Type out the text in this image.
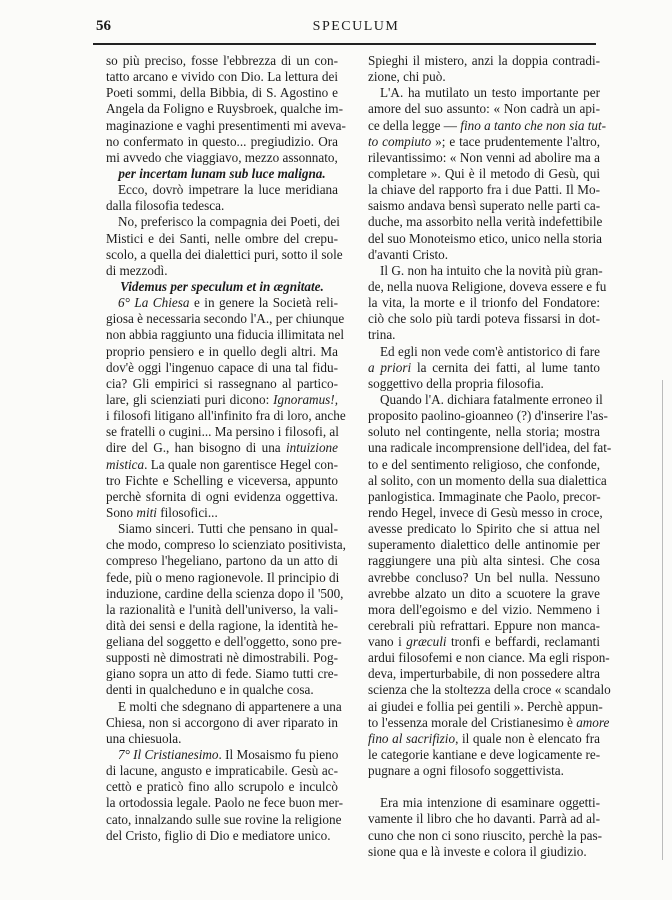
56	SPECULUM
so più preciso, fosse l'ebbrezza di un con-
tatto arcano e vivido con Dio. La lettura dei
Poeti sommi, della Bibbia, di S. Agostino e
Angela da Foligno e Ruysbroek, qualche im-
maginazione e vaghi presentimenti mi aveva-
no confermato in questo... pregiudizio. Ora
mi avvedo che viaggiavo, mezzo assonnato,
per incertam lunam sub luce maligna.
Ecco, dovrò impetrare la luce meridiana
dalla filosofia tedesca.
No, preferisco la compagnia dei Poeti, dei
Mistici e dei Santi, nelle ombre del crepu-
scolo, a quella dei dialettici puri, sotto il sole
di mezzodì.
Videmus per speculum et in ægnitate.
6° La Chiesa e in genere la Società reli-
giosa è necessaria secondo l'A., per chiunque
non abbia raggiunto una fiducia illimitata nel
proprio pensiero e in quello degli altri. Ma
dov'è oggi l'ingenuo capace di una tal fidu-
cia? Gli empirici si rassegnano al partico-
lare, gli scienziati puri dicono: Ignoramus!,
i filosofi litigano all'infinito fra di loro, anche
se fratelli o cugini... Ma persino i filosofi, al
dire del G., han bisogno di una intuizione
mistica. La quale non garentisce Hegel con-
tro Fichte e Schelling e viceversa, appunto
perchè sfornita di ogni evidenza oggettiva.
Sono miti filosofici...
Siamo sinceri. Tutti che pensano in qual-
che modo, compreso lo scienziato positivista,
compreso l'hegeliano, partono da un atto di
fede, più o meno ragionevole. Il principio di
induzione, cardine della scienza dopo il '500,
la razionalità e l'unità dell'universo, la vali-
dità dei sensi e della ragione, la identità he-
geliana del soggetto e dell'oggetto, sono pre-
supposti nè dimostrati nè dimostrabili. Pog-
giano sopra un atto di fede. Siamo tutti cre-
denti in qualcheduno e in qualche cosa.
E molti che sdegnano di appartenere a una
Chiesa, non si accorgono di aver riparato in
una chiesuola.
7° Il Cristianesimo. Il Mosaismo fu pieno
di lacune, angusto e impraticabile. Gesù ac-
cettò e praticò fino allo scrupolo e inculcò
la ortodossia legale. Paolo ne fece buon mer-
cato, innalzando sulle sue rovine la religione
del Cristo, figlio di Dio e mediatore unico.
Spieghi il mistero, anzi la doppia contradi-
zione, chi può.
L'A. ha mutilato un testo importante per
amore del suo assunto: « Non cadrà un api-
ce della legge — fino a tanto che non sia tut-
to compiuto »; e tace prudentemente l'altro,
rilevantissimo: « Non venni ad abolire ma a
completare ». Qui è il metodo di Gesù, qui
la chiave del rapporto fra i due Patti. Il Mo-
saismo andava bensì superato nelle parti ca-
duche, ma assorbito nella verità indefettibile
del suo Monoteismo etico, unico nella storia
d'avanti Cristo.
Il G. non ha intuito che la novità più gran-
de, nella nuova Religione, doveva essere e fu
la vita, la morte e il trionfo del Fondatore:
ciò che solo più tardi poteva fissarsi in dot-
trina.
Ed egli non vede com'è antistorico di fare
a priori la cernita dei fatti, al lume tanto
soggettivo della propria filosofia.
Quando l'A. dichiara fatalmente erroneo il
proposito paolino-gioanneo (?) d'inserire l'as-
soluto nel contingente, nella storia; mostra
una radicale incomprensione dell'idea, del fat-
to e del sentimento religioso, che confonde,
al solito, con un momento della sua dialettica
panlogistica. Immaginate che Paolo, precor-
rendo Hegel, invece di Gesù messo in croce,
avesse predicato lo Spirito che si attua nel
superamento dialettico delle antinomie per
raggiungere una più alta sintesi. Che cosa
avrebbe concluso? Un bel nulla. Nessuno
avrebbe alzato un dito a scuotere la grave
mora dell'egoismo e del vizio. Nemmeno i
cerebrali più refrattari. Eppure non manca-
vano i græculi tronfi e beffardi, reclamanti
ardui filosofemi e non ciance. Ma egli rispon-
deva, imperturbabile, di non possedere altra
scienza che la stoltezza della croce « scandalo
ai giudei e follia pei gentili ». Perchè appun-
to l'essenza morale del Cristianesimo è amore
fino al sacrifizio, il quale non è elencato fra
le categorie kantiane e deve logicamente re-
pugnare a ogni filosofo soggettivista.
Era mia intenzione di esaminare oggetti-
vamente il libro che ho davanti. Parrà ad al-
cuno che non ci sono riuscito, perchè la pas-
sione qua e là investe e colora il giudizio.
